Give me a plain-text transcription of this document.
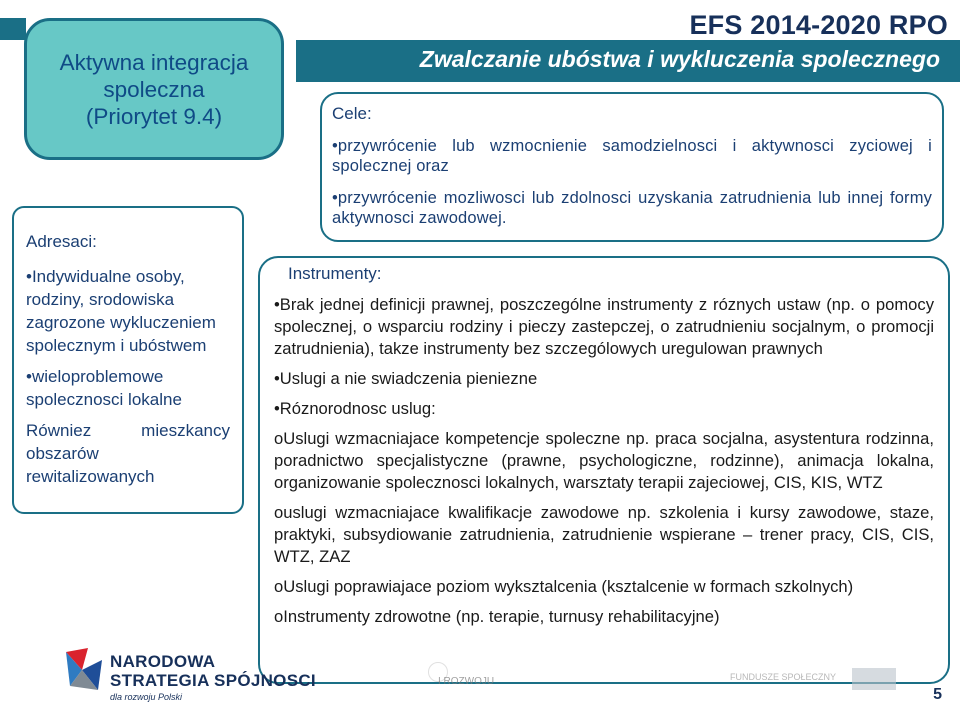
EFS 2014-2020 RPO
Zwalczanie ubóstwa i wykluczenia spolecznego
Aktywna integracja
spoleczna
(Priorytet 9.4)

Adresaci:

•Indywidualne osoby, rodziny, srodowiska zagrozone wykluczeniem spolecznym i ubóstwem

•wieloproblemowe spolecznosci lokalne

Równiez mieszkancy

obszarów rewitalizowanych

Cele:

•przywrócenie lub wzmocnienie samodzielnosci i aktywnosci zyciowej i spolecznej oraz

•przywrócenie mozliwosci lub zdolnosci uzyskania zatrudnienia lub innej formy aktywnosci zawodowej.

Instrumenty:

•Brak jednej definicji prawnej, poszczególne instrumenty z róznych ustaw (np. o pomocy spolecznej, o wsparciu rodziny i pieczy zastepczej, o zatrudnieniu socjalnym, o promocji zatrudnienia), takze instrumenty bez szczególowych uregulowan prawnych

•Uslugi a nie swiadczenia pieniezne

•Róznorodnosc uslug:

oUslugi wzmacniajace kompetencje spoleczne np. praca socjalna, asystentura rodzinna, poradnictwo specjalistyczne (prawne, psychologiczne, rodzinne), animacja lokalna, organizowanie spolecznosci lokalnych, warsztaty terapii zajeciowej, CIS, KIS, WTZ

ouslugi wzmacniajace kwalifikacje zawodowe np. szkolenia i kursy zawodowe, staze, praktyki, subsydiowanie zatrudnienia, zatrudnienie wspierane – trener pracy, CIS, CIS, WTZ, ZAZ

oUslugi poprawiajace poziom wyksztalcenia (ksztalcenie w formach szkolnych)

oInstrumenty zdrowotne (np. terapie, turnusy rehabilitacyjne)

NARODOWA
STRATEGIA SPÓJNOSCI
dla rozwoju Polski
I ROZWOJU	FUNDUSZE SPOŁECZNY
5
